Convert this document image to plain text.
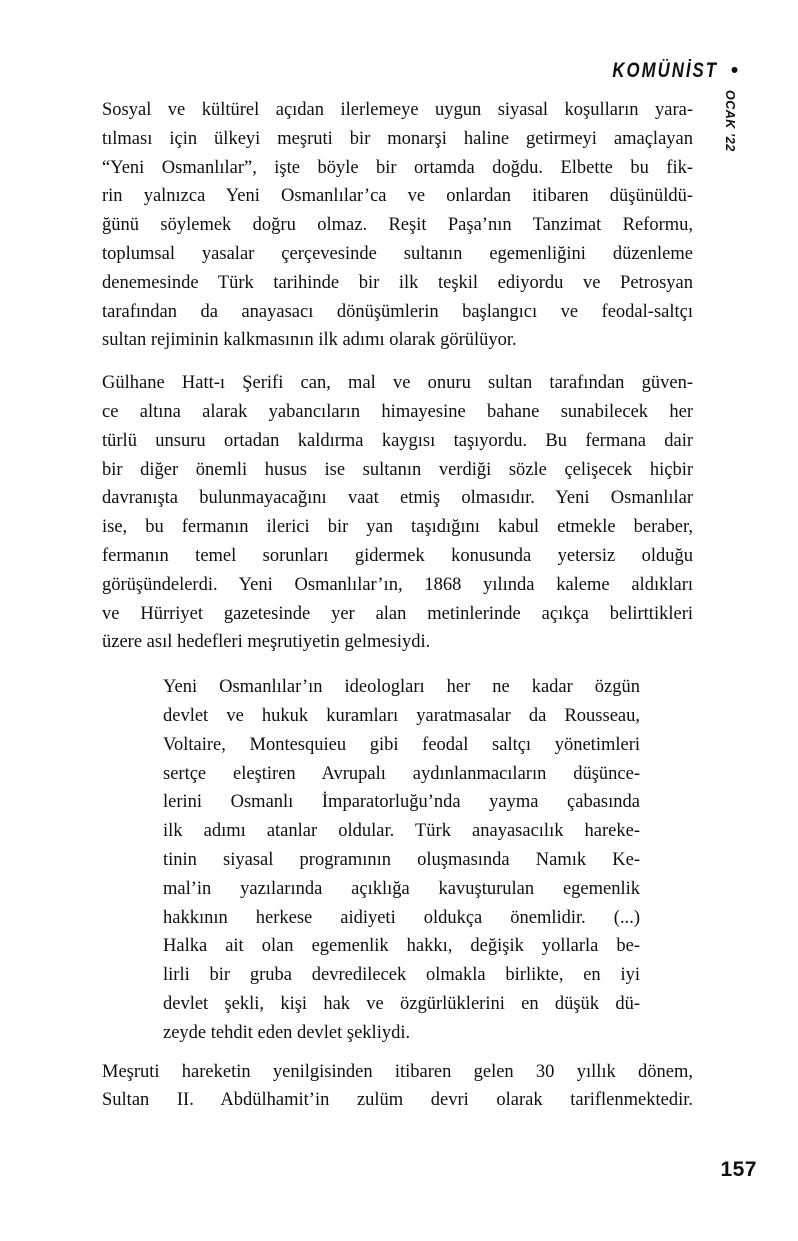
KOMÜNİST •
OCAK ’22
Sosyal ve kültürel açıdan ilerlemeye uygun siyasal koşulların yara-
tılması için ülkeyi meşruti bir monarşi haline getirmeyi amaçlayan
“Yeni Osmanlılar”, işte böyle bir ortamda doğdu. Elbette bu fik-
rin yalnızca Yeni Osmanlılar’ca ve onlardan itibaren düşünüldü-
ğünü söylemek doğru olmaz. Reşit Paşa’nın Tanzimat Reformu,
toplumsal yasalar çerçevesinde sultanın egemenliğini düzenleme
denemesinde Türk tarihinde bir ilk teşkil ediyordu ve Petrosyan
tarafından da anayasacı dönüşümlerin başlangıcı ve feodal-saltçı
sultan rejiminin kalkmasının ilk adımı olarak görülüyor.
Gülhane Hatt-ı Şerifi can, mal ve onuru sultan tarafından güven-
ce altına alarak yabancıların himayesine bahane sunabilecek her
türlü unsuru ortadan kaldırma kaygısı taşıyordu. Bu fermana dair
bir diğer önemli husus ise sultanın verdiği sözle çelişecek hiçbir
davranışta bulunmayacağını vaat etmiş olmasıdır. Yeni Osmanlılar
ise, bu fermanın ilerici bir yan taşıdığını kabul etmekle beraber,
fermanın temel sorunları gidermek konusunda yetersiz olduğu
görüşündelerdi. Yeni Osmanlılar’ın, 1868 yılında kaleme aldıkları
ve Hürriyet gazetesinde yer alan metinlerinde açıkça belirttikleri
üzere asıl hedefleri meşrutiyetin gelmesiydi.
Yeni Osmanlılar’ın ideologları her ne kadar özgün
devlet ve hukuk kuramları yaratmasalar da Rousseau,
Voltaire, Montesquieu gibi feodal saltçı yönetimleri
sertçe eleştiren Avrupalı aydınlanmacıların düşünce-
lerini Osmanlı İmparatorluğu’nda yayma çabasında
ilk adımı atanlar oldular. Türk anayasacılık hareke-
tinin siyasal programının oluşmasında Namık Ke-
mal’in yazılarında açıklığa kavuşturulan egemenlik
hakkının herkese aidiyeti oldukça önemlidir. (...)
Halka ait olan egemenlik hakkı, değişik yollarla be-
lirli bir gruba devredilecek olmakla birlikte, en iyi
devlet şekli, kişi hak ve özgürlüklerini en düşük dü-
zeyde tehdit eden devlet şekliydi.
Meşruti hareketin yenilgisinden itibaren gelen 30 yıllık dönem,
Sultan II. Abdülhamit’in zulüm devri olarak tariflenmektedir.
157
